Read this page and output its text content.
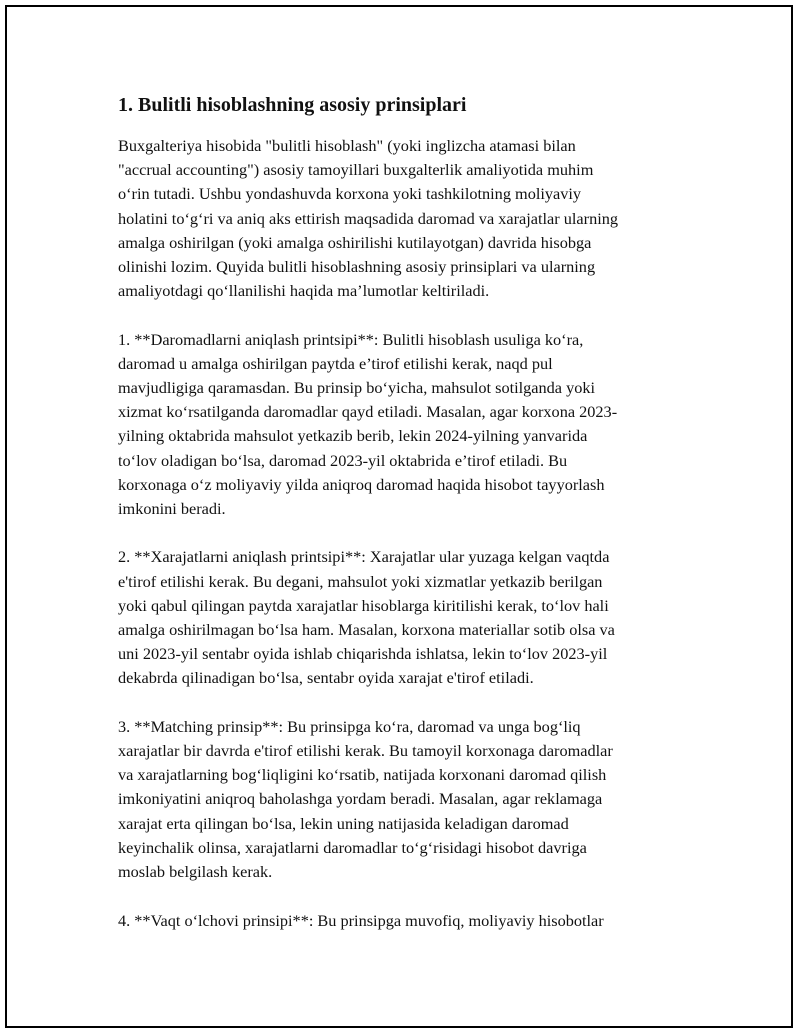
1. Bulitli hisoblashning asosiy prinsiplari

Buxgalteriya hisobida "bulitli hisoblash" (yoki inglizcha atamasi bilan
"accrual accounting") asosiy tamoyillari buxgalterlik amaliyotida muhim
o‘rin tutadi. Ushbu yondashuvda korxona yoki tashkilotning moliyaviy
holatini to‘g‘ri va aniq aks ettirish maqsadida daromad va xarajatlar ularning
amalga oshirilgan (yoki amalga oshirilishi kutilayotgan) davrida hisobga
olinishi lozim. Quyida bulitli hisoblashning asosiy prinsiplari va ularning
amaliyotdagi qo‘llanilishi haqida ma’lumotlar keltiriladi.

1. **Daromadlarni aniqlash printsipi**: Bulitli hisoblash usuliga ko‘ra,
daromad u amalga oshirilgan paytda e’tirof etilishi kerak, naqd pul
mavjudligiga qaramasdan. Bu prinsip bo‘yicha, mahsulot sotilganda yoki
xizmat ko‘rsatilganda daromadlar qayd etiladi. Masalan, agar korxona 2023-
yilning oktabrida mahsulot yetkazib berib, lekin 2024-yilning yanvarida
to‘lov oladigan bo‘lsa, daromad 2023-yil oktabrida e’tirof etiladi. Bu
korxonaga o‘z moliyaviy yilda aniqroq daromad haqida hisobot tayyorlash
imkonini beradi.

2. **Xarajatlarni aniqlash printsipi**: Xarajatlar ular yuzaga kelgan vaqtda
e'tirof etilishi kerak. Bu degani, mahsulot yoki xizmatlar yetkazib berilgan
yoki qabul qilingan paytda xarajatlar hisoblarga kiritilishi kerak, to‘lov hali
amalga oshirilmagan bo‘lsa ham. Masalan, korxona materiallar sotib olsa va
uni 2023-yil sentabr oyida ishlab chiqarishda ishlatsa, lekin to‘lov 2023-yil
dekabrda qilinadigan bo‘lsa, sentabr oyida xarajat e'tirof etiladi.

3. **Matching prinsip**: Bu prinsipga ko‘ra, daromad va unga bog‘liq
xarajatlar bir davrda e'tirof etilishi kerak. Bu tamoyil korxonaga daromadlar
va xarajatlarning bog‘liqligini ko‘rsatib, natijada korxonani daromad qilish
imkoniyatini aniqroq baholashga yordam beradi. Masalan, agar reklamaga
xarajat erta qilingan bo‘lsa, lekin uning natijasida keladigan daromad
keyinchalik olinsa, xarajatlarni daromadlar to‘g‘risidagi hisobot davriga
moslab belgilash kerak.

4. **Vaqt o‘lchovi prinsipi**: Bu prinsipga muvofiq, moliyaviy hisobotlar
